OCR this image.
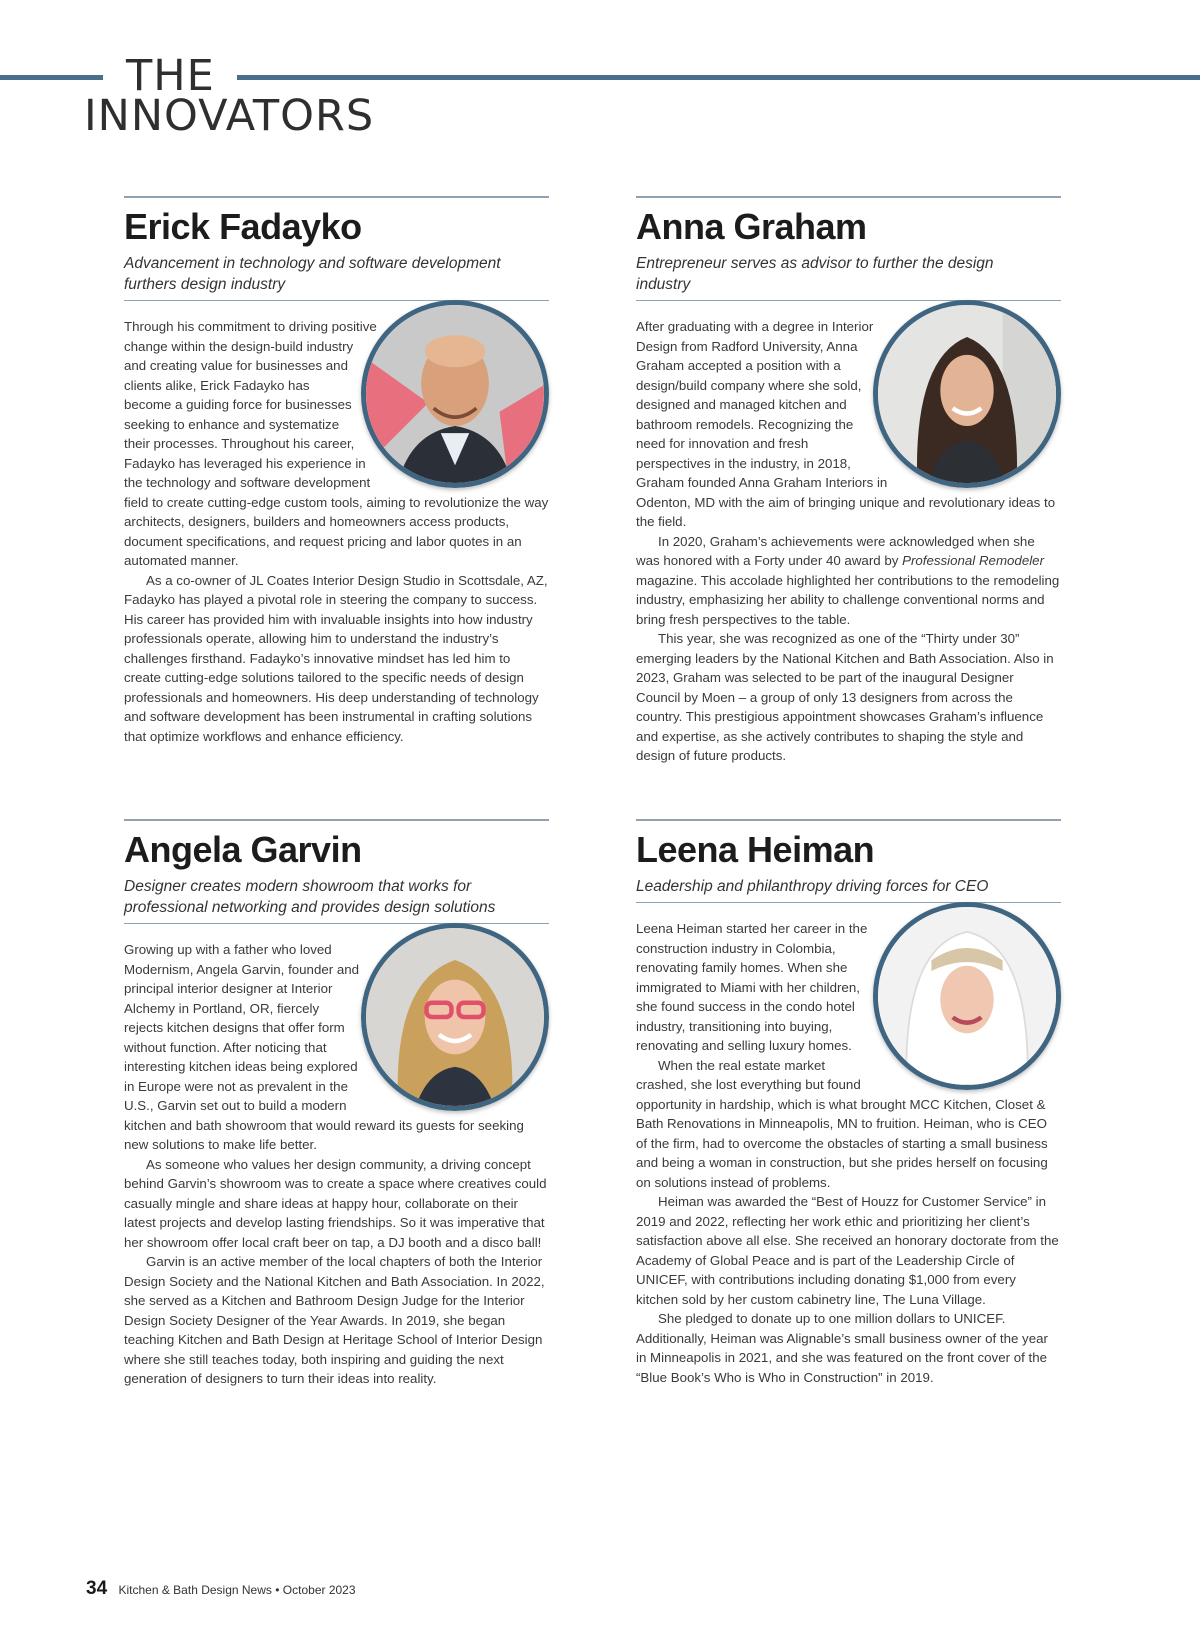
THE
INNOVATORS
Erick Fadayko
Advancement in technology and software development furthers design industry

Through his commitment to driving positive change within the design-build industry and creating value for businesses and clients alike, Erick Fadayko has become a guiding force for businesses seeking to enhance and systematize their processes. Throughout his career, Fadayko has leveraged his experience in the technology and software development field to create cutting-edge custom tools, aiming to revolutionize the way architects, designers, builders and homeowners access products, document specifications, and request pricing and labor quotes in an automated manner.

As a co-owner of JL Coates Interior Design Studio in Scottsdale, AZ, Fadayko has played a pivotal role in steering the company to success. His career has provided him with invaluable insights into how industry professionals operate, allowing him to understand the industry’s challenges firsthand. Fadayko’s innovative mindset has led him to create cutting-edge solutions tailored to the specific needs of design professionals and homeowners. His deep understanding of technology and software development has been instrumental in crafting solutions that optimize workflows and enhance efficiency.

Anna Graham
Entrepreneur serves as advisor to further the design industry

After graduating with a degree in Interior Design from Radford University, Anna Graham accepted a position with a design/build company where she sold, designed and managed kitchen and bathroom remodels. Recognizing the need for innovation and fresh perspectives in the industry, in 2018, Graham founded Anna Graham Interiors in Odenton, MD with the aim of bringing unique and revolutionary ideas to the field.

In 2020, Graham’s achievements were acknowledged when she was honored with a Forty under 40 award by Professional Remodeler magazine. This accolade highlighted her contributions to the remodeling industry, emphasizing her ability to challenge conventional norms and bring fresh perspectives to the table.

This year, she was recognized as one of the “Thirty under 30” emerging leaders by the National Kitchen and Bath Association. Also in 2023, Graham was selected to be part of the inaugural Designer Council by Moen – a group of only 13 designers from across the country. This prestigious appointment showcases Graham’s influence and expertise, as she actively contributes to shaping the style and design of future products.

Angela Garvin
Designer creates modern showroom that works for professional networking and provides design solutions

Growing up with a father who loved Modernism, Angela Garvin, founder and principal interior designer at Interior Alchemy in Portland, OR, fiercely rejects kitchen designs that offer form without function. After noticing that interesting kitchen ideas being explored in Europe were not as prevalent in the U.S., Garvin set out to build a modern kitchen and bath showroom that would reward its guests for seeking new solutions to make life better.

As someone who values her design community, a driving concept behind Garvin’s showroom was to create a space where creatives could casually mingle and share ideas at happy hour, collaborate on their latest projects and develop lasting friendships. So it was imperative that her showroom offer local craft beer on tap, a DJ booth and a disco ball!

Garvin is an active member of the local chapters of both the Interior Design Society and the National Kitchen and Bath Association. In 2022, she served as a Kitchen and Bathroom Design Judge for the Interior Design Society Designer of the Year Awards. In 2019, she began teaching Kitchen and Bath Design at Heritage School of Interior Design where she still teaches today, both inspiring and guiding the next generation of designers to turn their ideas into reality.

Leena Heiman
Leadership and philanthropy driving forces for CEO

Leena Heiman started her career in the construction industry in Colombia, renovating family homes. When she immigrated to Miami with her children, she found success in the condo hotel industry, transitioning into buying, renovating and selling luxury homes.

When the real estate market crashed, she lost everything but found opportunity in hardship, which is what brought MCC Kitchen, Closet & Bath Renovations in Minneapolis, MN to fruition. Heiman, who is CEO of the firm, had to overcome the obstacles of starting a small business and being a woman in construction, but she prides herself on focusing on solutions instead of problems.

Heiman was awarded the “Best of Houzz for Customer Service” in 2019 and 2022, reflecting her work ethic and prioritizing her client’s satisfaction above all else. She received an honorary doctorate from the Academy of Global Peace and is part of the Leadership Circle of UNICEF, with contributions including donating $1,000 from every kitchen sold by her custom cabinetry line, The Luna Village.

She pledged to donate up to one million dollars to UNICEF. Additionally, Heiman was Alignable’s small business owner of the year in Minneapolis in 2021, and she was featured on the front cover of the “Blue Book’s Who is Who in Construction” in 2019.

34 Kitchen & Bath Design News • October 2023
